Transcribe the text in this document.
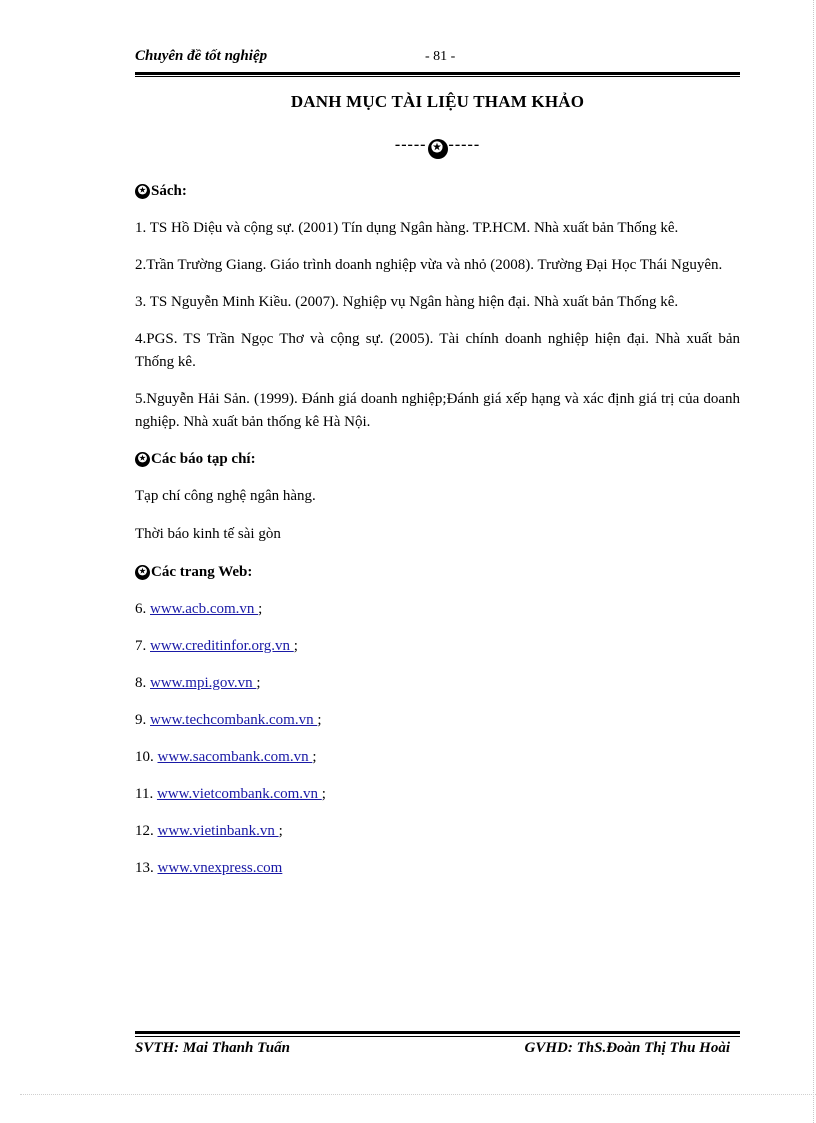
Chuyên đề tốt nghiệp	- 81 -
DANH MỤC TÀI LIỆU THAM KHẢO
----- ✪ -----
✪ Sách:

1. TS Hồ Diệu và cộng sự. (2001) Tín dụng Ngân hàng. TP.HCM. Nhà xuất bản Thống kê.

2.Trần Trường Giang. Giáo trình doanh nghiệp vừa và nhỏ (2008). Trường Đại Học Thái Nguyên.

3. TS Nguyễn Minh Kiều. (2007). Nghiệp vụ Ngân hàng hiện đại. Nhà xuất bản Thống kê.

4.PGS. TS Trần Ngọc Thơ và cộng sự. (2005). Tài chính doanh nghiệp hiện đại. Nhà xuất bản Thống kê.

5.Nguyễn Hải Sản. (1999). Đánh giá doanh nghiệp;Đánh giá xếp hạng và xác định giá trị của doanh nghiệp. Nhà xuất bản thống kê Hà Nội.

✪ Các báo tạp chí:

Tạp chí công nghệ ngân hàng.

Thời báo kinh tế sài gòn

✪ Các trang Web:
6. www.acb.com.vn ;
7. www.creditinfor.org.vn ;
8. www.mpi.gov.vn ;
9. www.techcombank.com.vn ;
10. www.sacombank.com.vn ;
11. www.vietcombank.com.vn ;
12. www.vietinbank.vn ;
13. www.vnexpress.com
SVTH: Mai Thanh Tuấn	GVHD: ThS.Đoàn Thị Thu Hoài
